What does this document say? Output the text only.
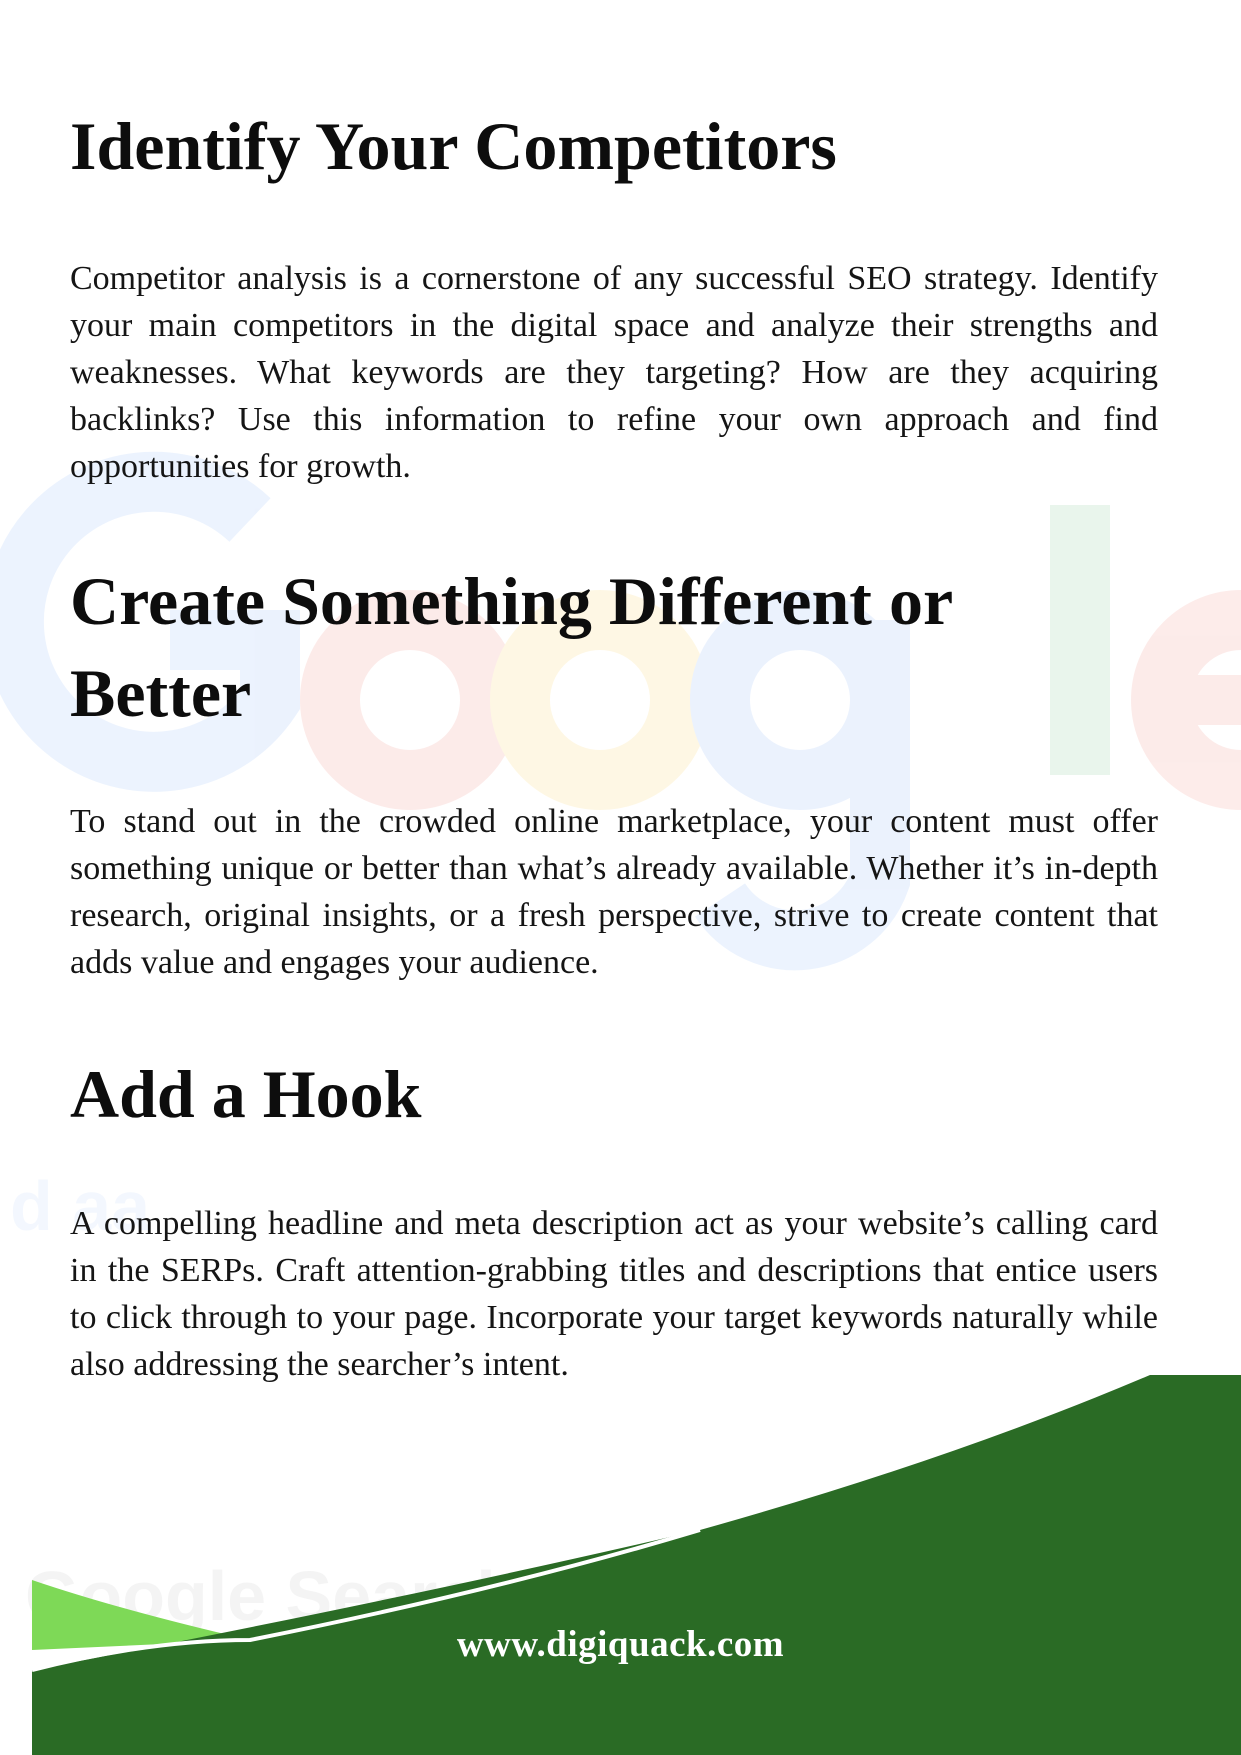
d aa
Google Search
Identify Your Competitors

Competitor analysis is a cornerstone of any successful SEO strategy. Identify your main competitors in the digital space and analyze their strengths and weaknesses. What keywords are they targeting? How are they acquiring backlinks? Use this information to refine your own approach and find opportunities for growth.

Create Something Different or Better

To stand out in the crowded online marketplace, your content must offer something unique or better than what’s already available. Whether it’s in-depth research, original insights, or a fresh perspective, strive to create content that adds value and engages your audience.

Add a Hook

A compelling headline and meta description act as your website’s calling card in the SERPs. Craft attention-grabbing titles and descriptions that entice users to click through to your page. Incorporate your target keywords naturally while also addressing the searcher’s intent.

www.digiquack.com
